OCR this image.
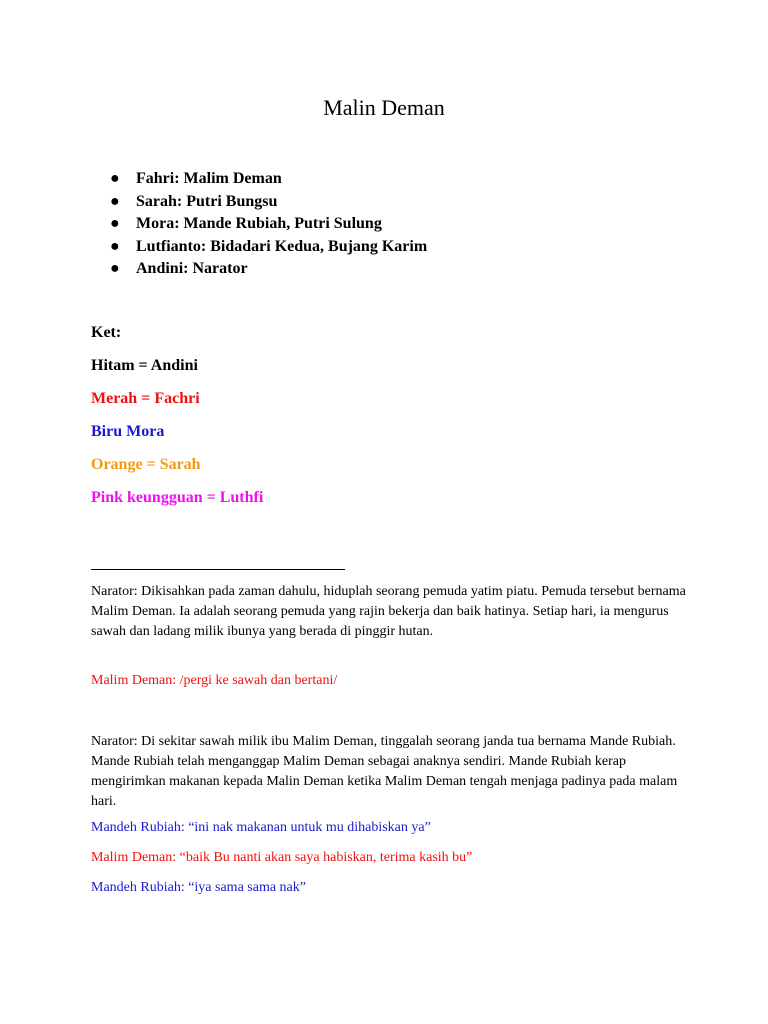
Malin Deman
● Fahri: Malim Deman
● Sarah: Putri Bungsu
● Mora: Mande Rubiah, Putri Sulung
● Lutfianto: Bidadari Kedua, Bujang Karim
● Andini: Narator
Ket:
Hitam = Andini
Merah = Fachri
Biru Mora
Orange = Sarah
Pink keungguan = Luthfi

Narator: Dikisahkan pada zaman dahulu, hiduplah seorang pemuda yatim piatu. Pemuda tersebut bernama Malim Deman. Ia adalah seorang pemuda yang rajin bekerja dan baik hatinya. Setiap hari, ia mengurus sawah dan ladang milik ibunya yang berada di pinggir hutan.

Malim Deman: /pergi ke sawah dan bertani/

Narator: Di sekitar sawah milik ibu Malim Deman, tinggalah seorang janda tua bernama Mande Rubiah. Mande Rubiah telah menganggap Malim Deman sebagai anaknya sendiri. Mande Rubiah kerap mengirimkan makanan kepada Malin Deman ketika Malim Deman tengah menjaga padinya pada malam hari.

Mandeh Rubiah: “ini nak makanan untuk mu dihabiskan ya”
Malim Deman: “baik Bu nanti akan saya habiskan, terima kasih bu”
Mandeh Rubiah: “iya sama sama nak”
